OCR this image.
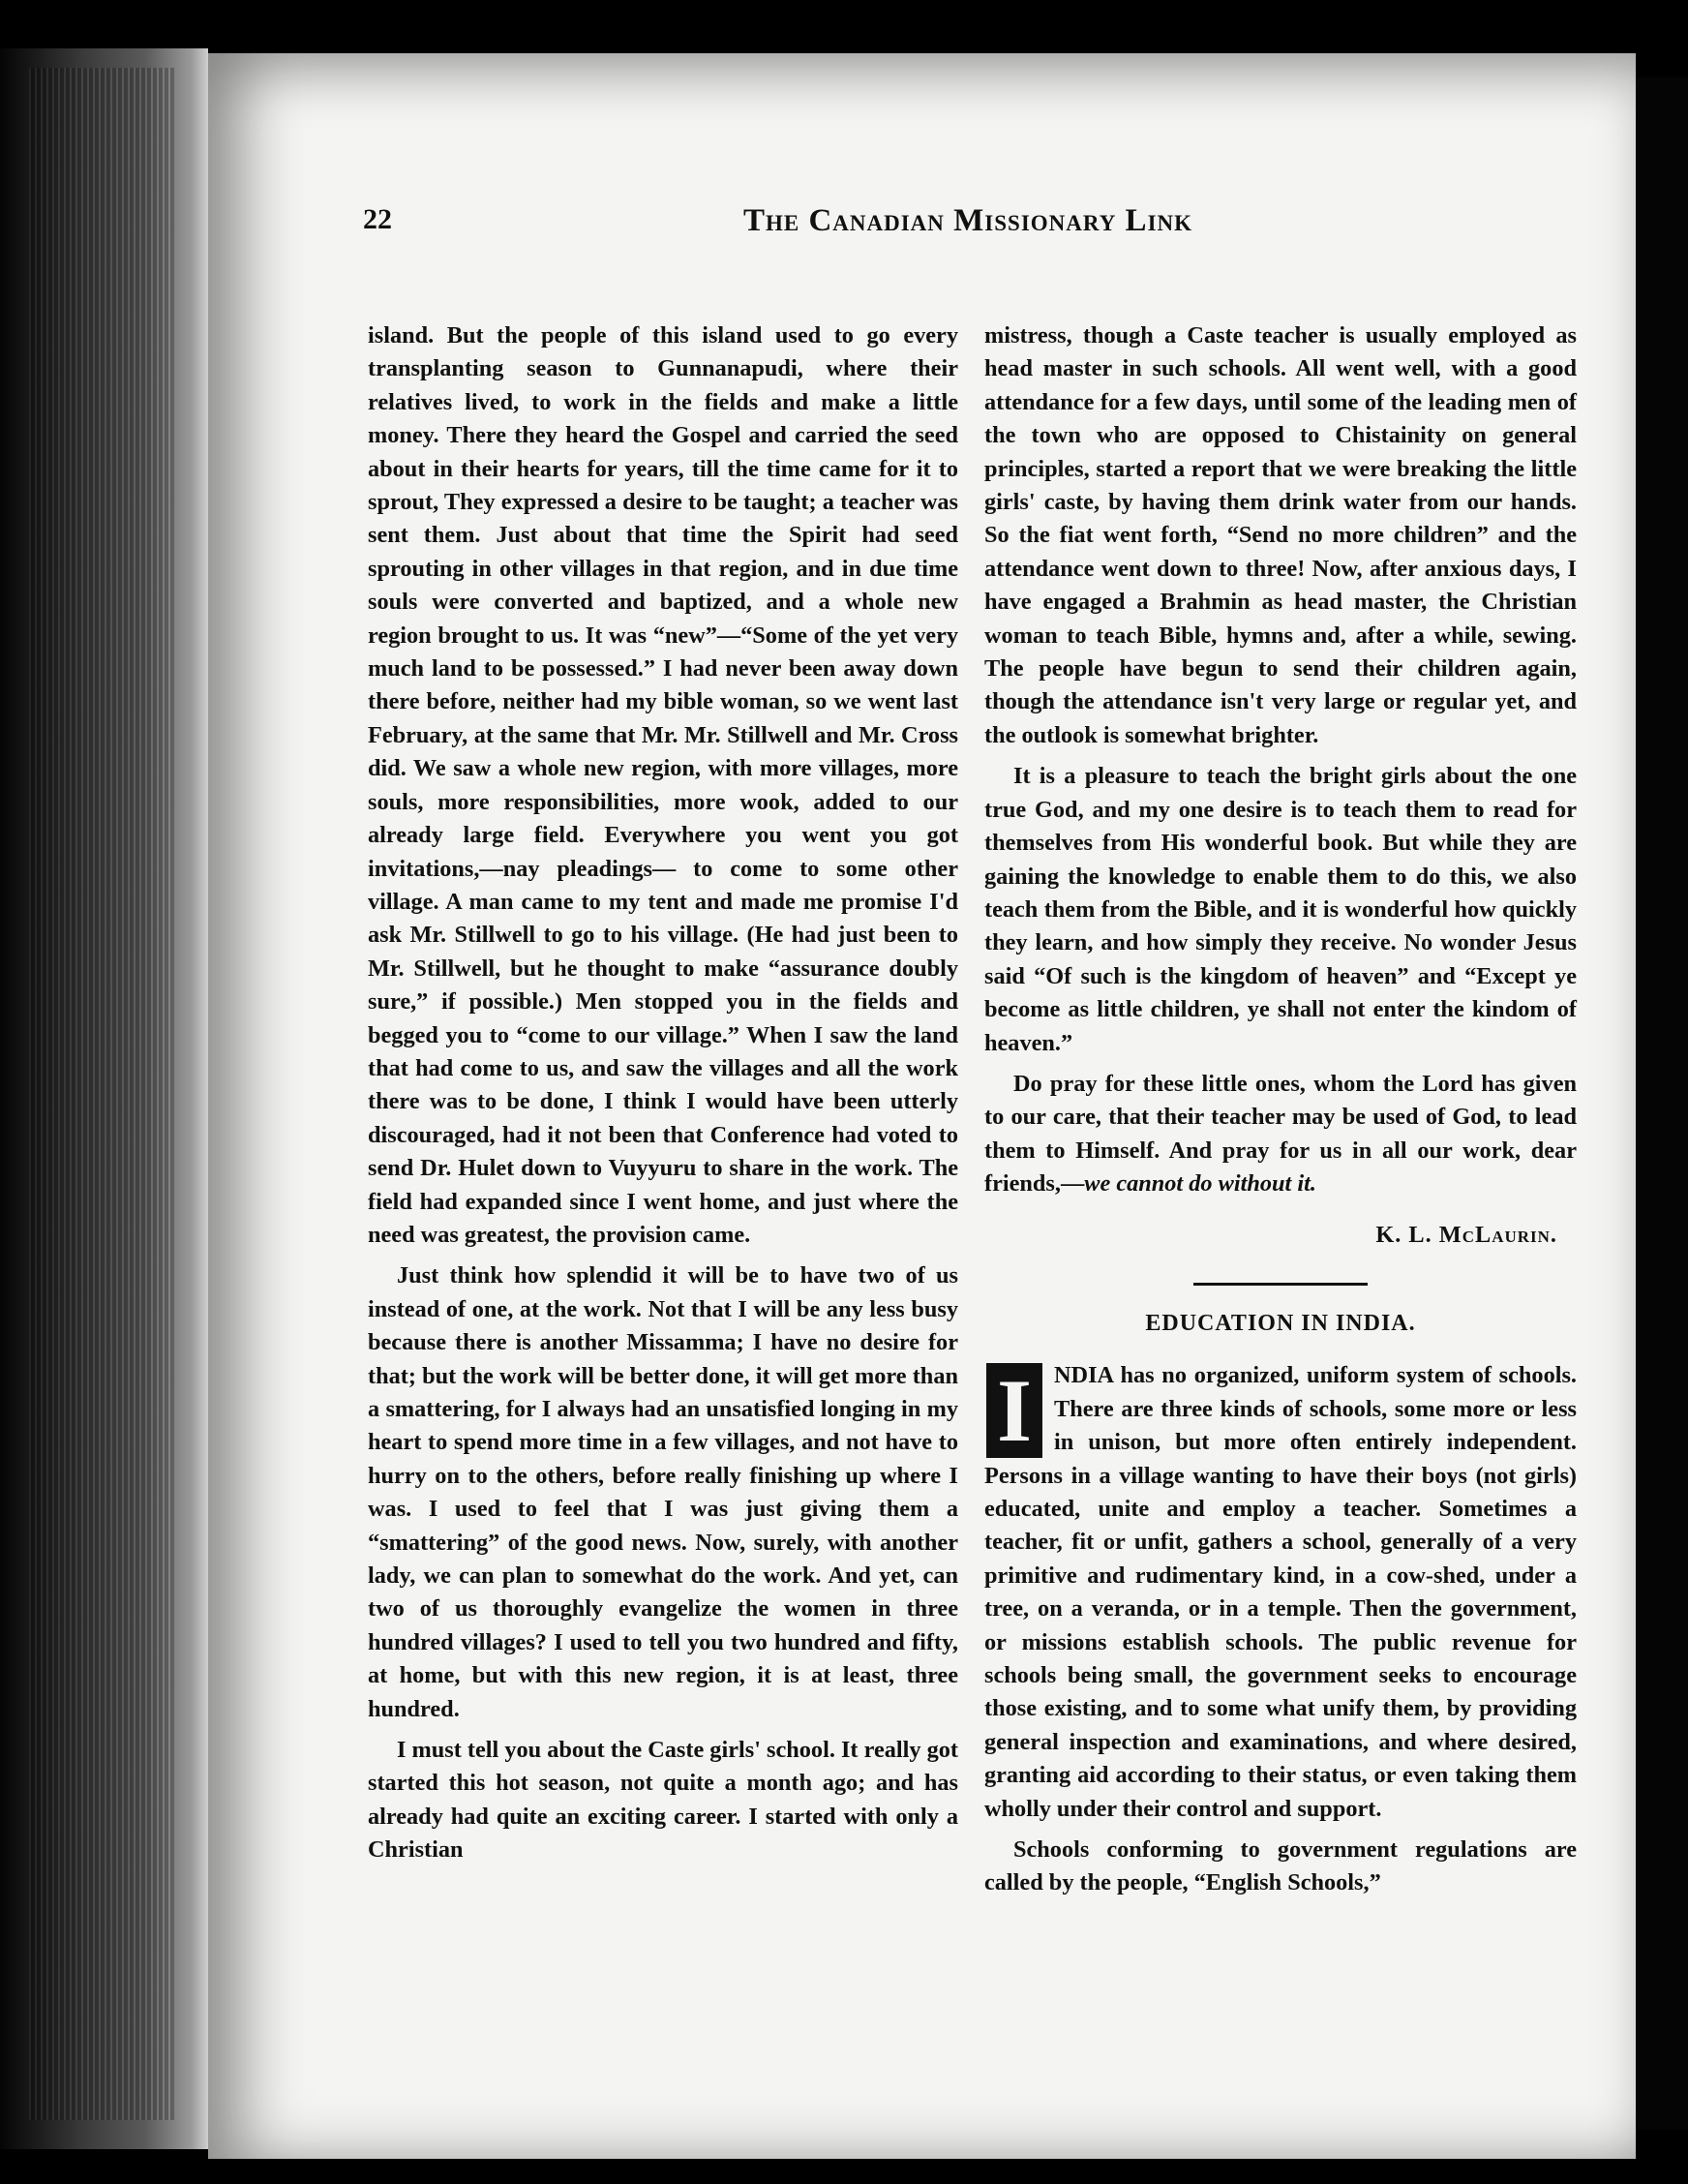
22	The Canadian Missionary Link

island. But the people of this island used to go every transplanting season to Gunnanapudi, where their relatives lived, to work in the fields and make a little money. There they heard the Gospel and carried the seed about in their hearts for years, till the time came for it to sprout, They expressed a desire to be taught; a teacher was sent them. Just about that time the Spirit had seed sprouting in other villages in that region, and in due time souls were converted and baptized, and a whole new region brought to us. It was “new”—“Some of the yet very much land to be possessed.” I had never been away down there before, neither had my bible woman, so we went last February, at the same that Mr. Mr. Stillwell and Mr. Cross did. We saw a whole new region, with more villages, more souls, more responsibilities, more wook, added to our already large field. Everywhere you went you got invitations,—nay pleadings— to come to some other village. A man came to my tent and made me promise I'd ask Mr. Stillwell to go to his village. (He had just been to Mr. Stillwell, but he thought to make “assurance doubly sure,” if possible.) Men stopped you in the fields and begged you to “come to our village.” When I saw the land that had come to us, and saw the villages and all the work there was to be done, I think I would have been utterly discouraged, had it not been that Conference had voted to send Dr. Hulet down to Vuyyuru to share in the work. The field had expanded since I went home, and just where the need was greatest, the provision came.

Just think how splendid it will be to have two of us instead of one, at the work. Not that I will be any less busy because there is another Missamma; I have no desire for that; but the work will be better done, it will get more than a smattering, for I always had an unsatisfied longing in my heart to spend more time in a few villages, and not have to hurry on to the others, before really finishing up where I was. I used to feel that I was just giving them a “smattering” of the good news. Now, surely, with another lady, we can plan to somewhat do the work. And yet, can two of us thoroughly evangelize the women in three hundred villages? I used to tell you two hundred and fifty, at home, but with this new region, it is at least, three hundred.

I must tell you about the Caste girls' school. It really got started this hot season, not quite a month ago; and has already had quite an exciting career. I started with only a Christian

mistress, though a Caste teacher is usually employed as head master in such schools. All went well, with a good attendance for a few days, until some of the leading men of the town who are opposed to Chistainity on general principles, started a report that we were breaking the little girls' caste, by having them drink water from our hands. So the fiat went forth, “Send no more children” and the attendance went down to three! Now, after anxious days, I have engaged a Brahmin as head master, the Christian woman to teach Bible, hymns and, after a while, sewing. The people have begun to send their children again, though the attendance isn't very large or regular yet, and the outlook is somewhat brighter.

It is a pleasure to teach the bright girls about the one true God, and my one desire is to teach them to read for themselves from His wonderful book. But while they are gaining the knowledge to enable them to do this, we also teach them from the Bible, and it is wonderful how quickly they learn, and how simply they receive. No wonder Jesus said “Of such is the kingdom of heaven” and “Except ye become as little children, ye shall not enter the kindom of heaven.”

Do pray for these little ones, whom the Lord has given to our care, that their teacher may be used of God, to lead them to Himself. And pray for us in all our work, dear friends,—we cannot do without it.

K. L. McLaurin.

EDUCATION IN INDIA.

I NDIA has no organized, uniform system of schools. There are three kinds of schools, some more or less in unison, but more often entirely independent. Persons in a village wanting to have their boys (not girls) educated, unite and employ a teacher. Sometimes a teacher, fit or unfit, gathers a school, generally of a very primitive and rudimentary kind, in a cow-shed, under a tree, on a veranda, or in a temple. Then the government, or missions establish schools. The public revenue for schools being small, the government seeks to encourage those existing, and to some what unify them, by providing general inspection and examinations, and where desired, granting aid according to their status, or even taking them wholly under their control and support.

Schools conforming to government regulations are called by the people, “English Schools,”
